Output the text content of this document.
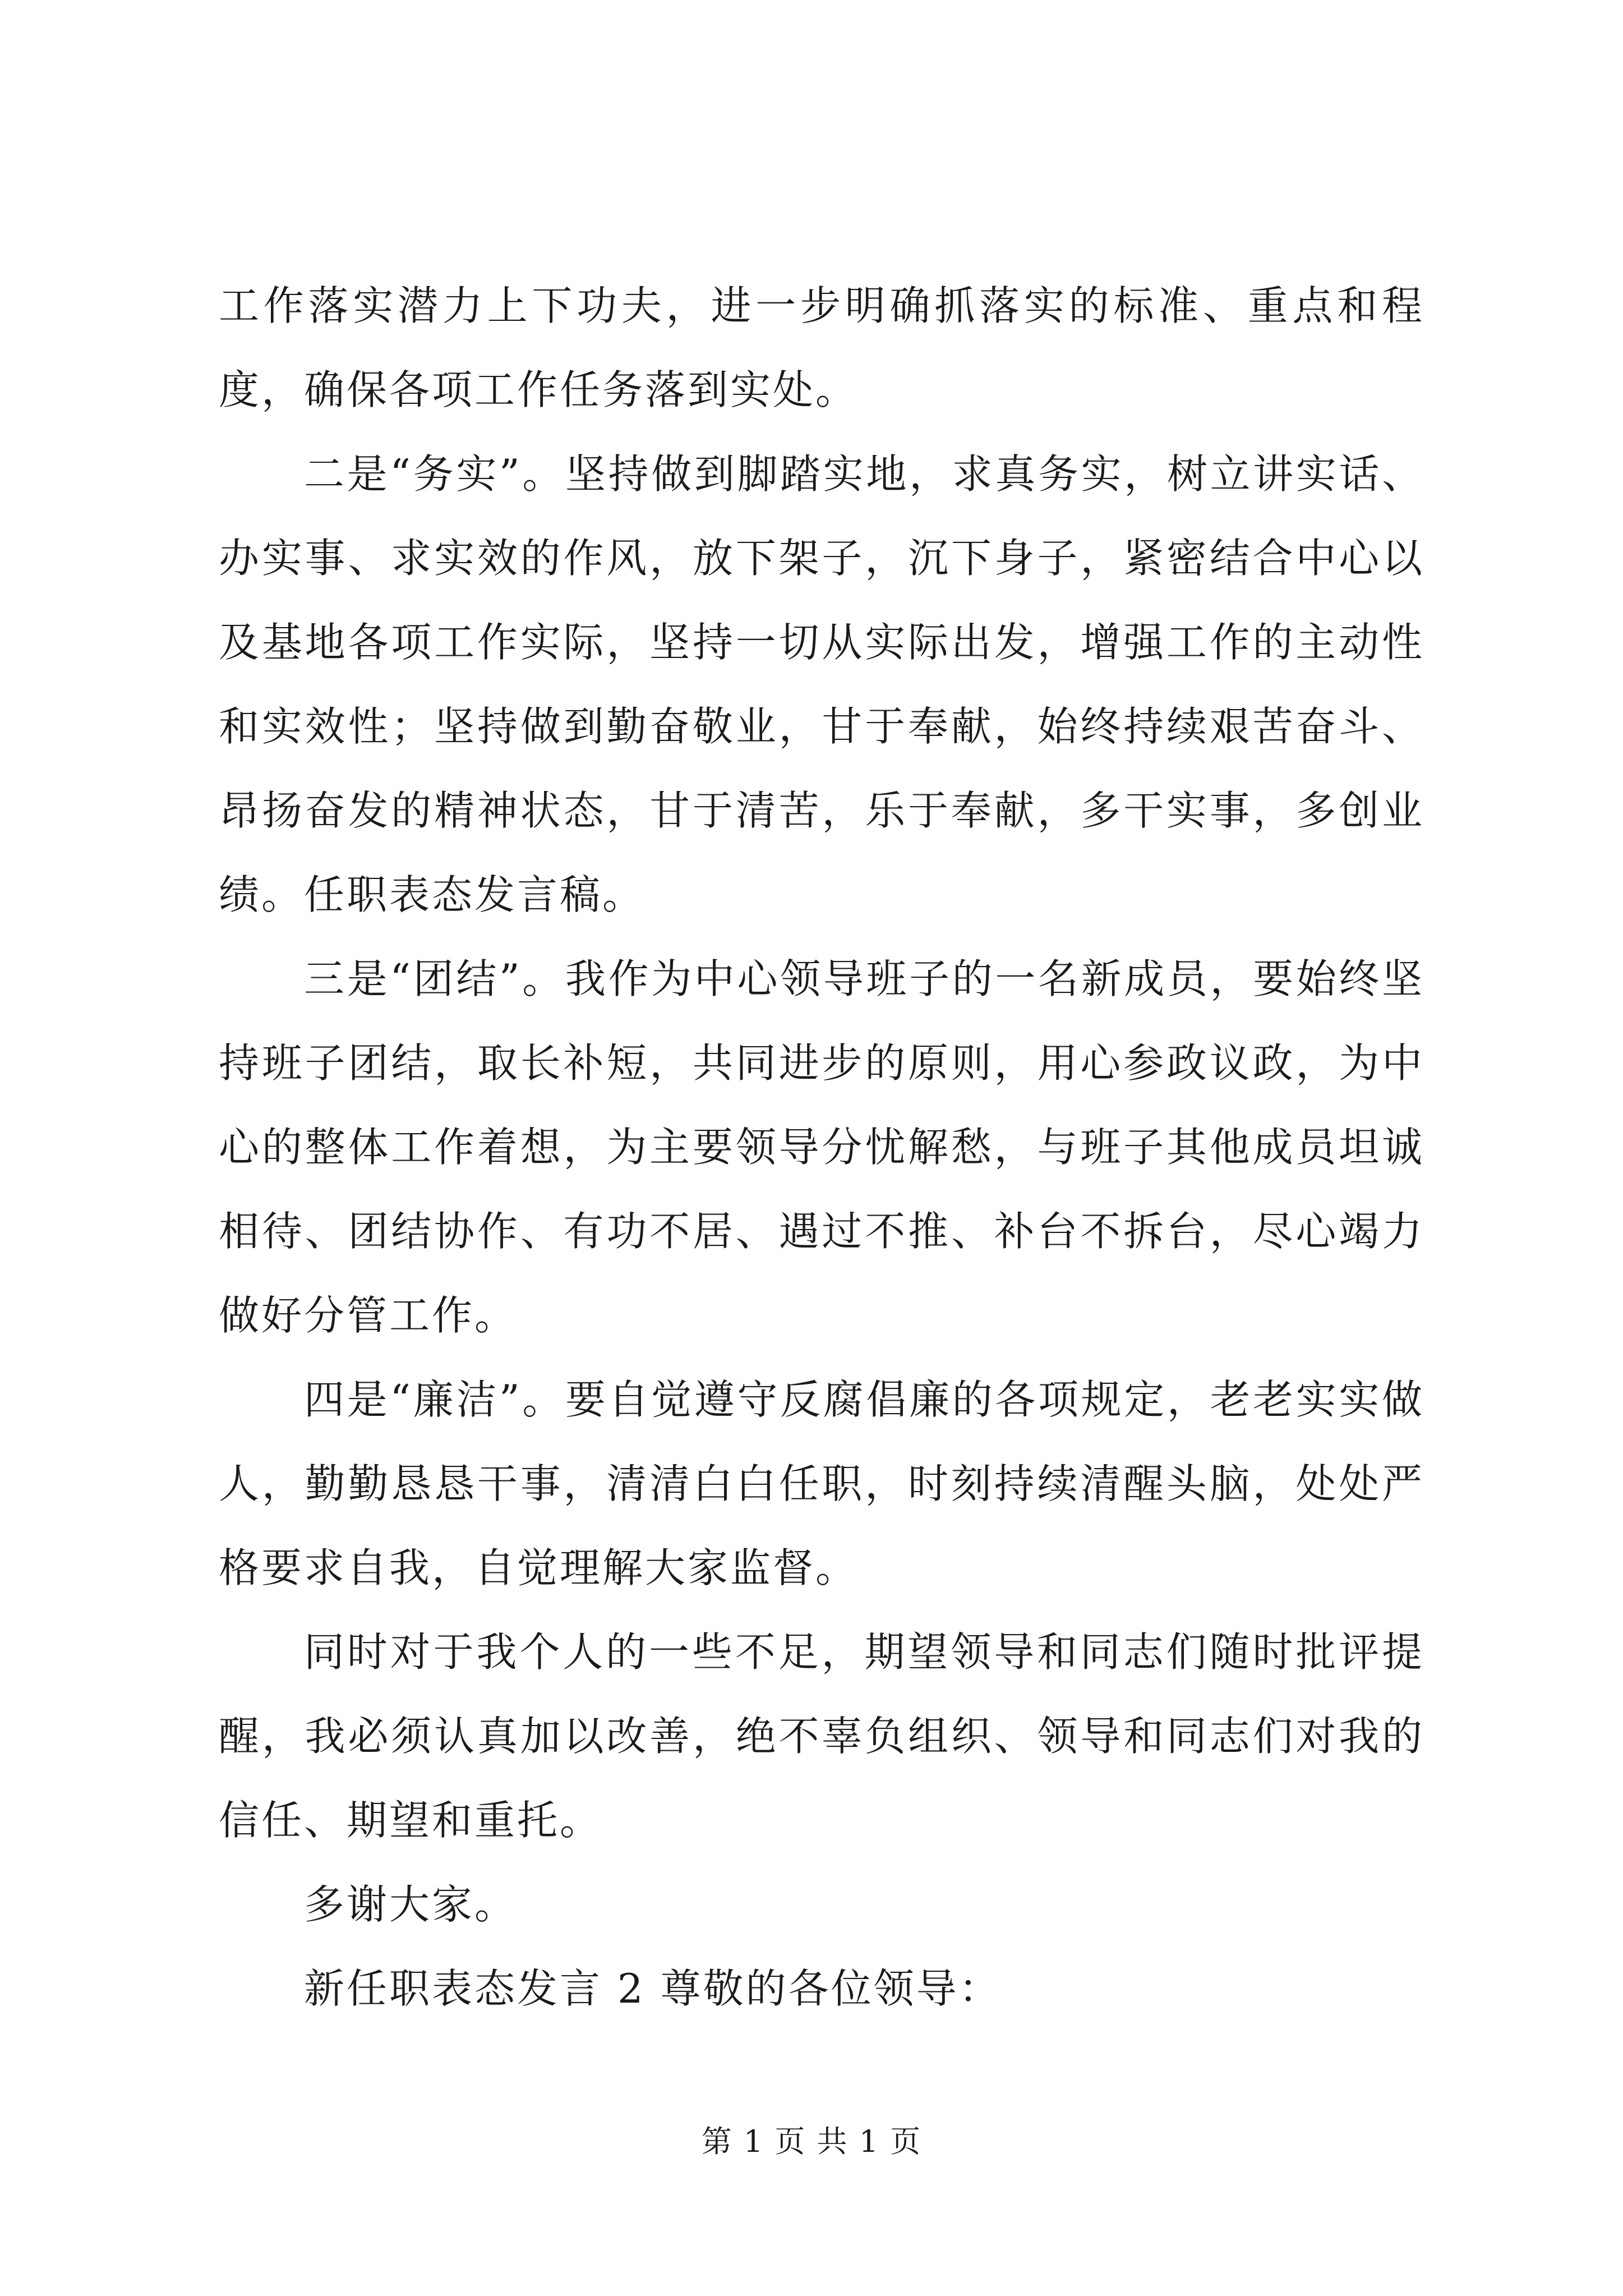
工作落实潜力上下功夫，进一步明确抓落实的标准、重点和程度，确保各项工作任务落到实处。

二是“务实”。坚持做到脚踏实地，求真务实，树立讲实话、办实事、求实效的作风，放下架子，沉下身子，紧密结合中心以及基地各项工作实际，坚持一切从实际出发，增强工作的主动性和实效性；坚持做到勤奋敬业，甘于奉献，始终持续艰苦奋斗、昂扬奋发的精神状态，甘于清苦，乐于奉献，多干实事，多创业绩。任职表态发言稿。

三是“团结”。我作为中心领导班子的一名新成员，要始终坚持班子团结，取长补短，共同进步的原则，用心参政议政，为中心的整体工作着想，为主要领导分忧解愁，与班子其他成员坦诚相待、团结协作、有功不居、遇过不推、补台不拆台，尽心竭力做好分管工作。

四是“廉洁”。要自觉遵守反腐倡廉的各项规定，老老实实做人，勤勤恳恳干事，清清白白任职，时刻持续清醒头脑，处处严格要求自我，自觉理解大家监督。

同时对于我个人的一些不足，期望领导和同志们随时批评提醒，我必须认真加以改善，绝不辜负组织、领导和同志们对我的信任、期望和重托。

多谢大家。

新任职表态发言 2 尊敬的各位领导：

第 1 页 共 1 页
